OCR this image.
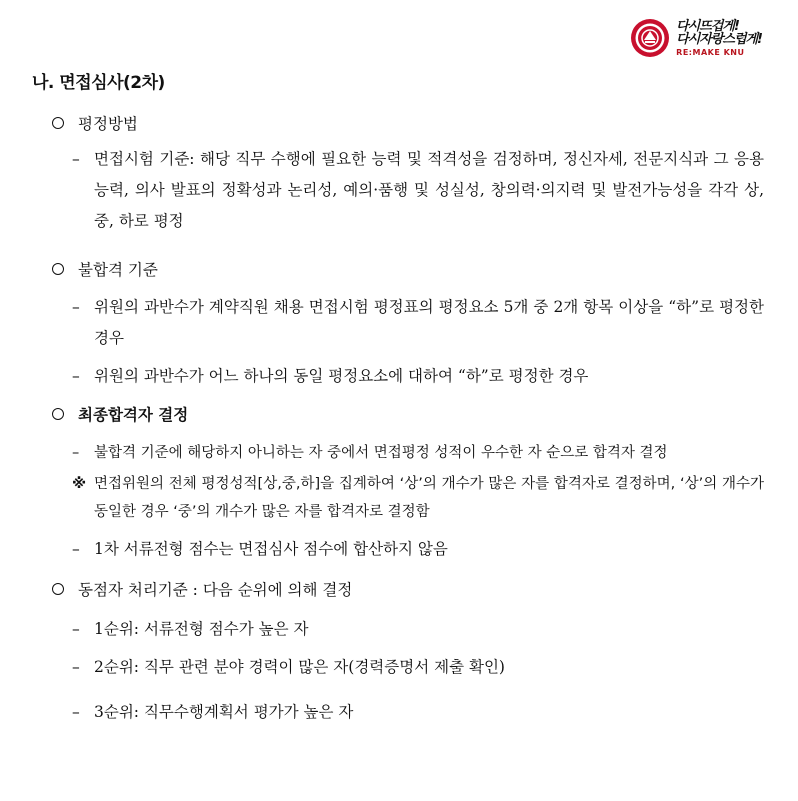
다시뜨겁게!
다시자랑스럽게!
RE:MAKE KNU
나. 면접심사(2차)
평정방법
– 면접시험 기준: 해당 직무 수행에 필요한 능력 및 적격성을 검정하며, 정신자세, 전문지식과 그 응용능력, 의사 발표의 정확성과 논리성, 예의·품행 및 성실성, 창의력·의지력 및 발전가능성을 각각 상, 중, 하로 평정
불합격 기준
– 위원의 과반수가 계약직원 채용 면접시험 평정표의 평정요소 5개 중 2개 항목 이상을 “하”로 평정한 경우
– 위원의 과반수가 어느 하나의 동일 평정요소에 대하여 “하”로 평정한 경우
최종합격자 결정
–	불합격 기준에 해당하지 아니하는 자 중에서 면접평정 성적이 우수한 자 순으로 합격자 결정
※ 면접위원의 전체 평정성적[상,중,하]을 집계하여 ‘상’의 개수가 많은 자를 합격자로 결정하며, ‘상’의 개수가 동일한 경우 ‘중’의 개수가 많은 자를 합격자로 결정함
– 1차 서류전형 점수는 면접심사 점수에 합산하지 않음
동점자 처리기준 : 다음 순위에 의해 결정
– 1순위: 서류전형 점수가 높은 자
– 2순위: 직무 관련 분야 경력이 많은 자(경력증명서 제출 확인)
– 3순위: 직무수행계획서 평가가 높은 자
